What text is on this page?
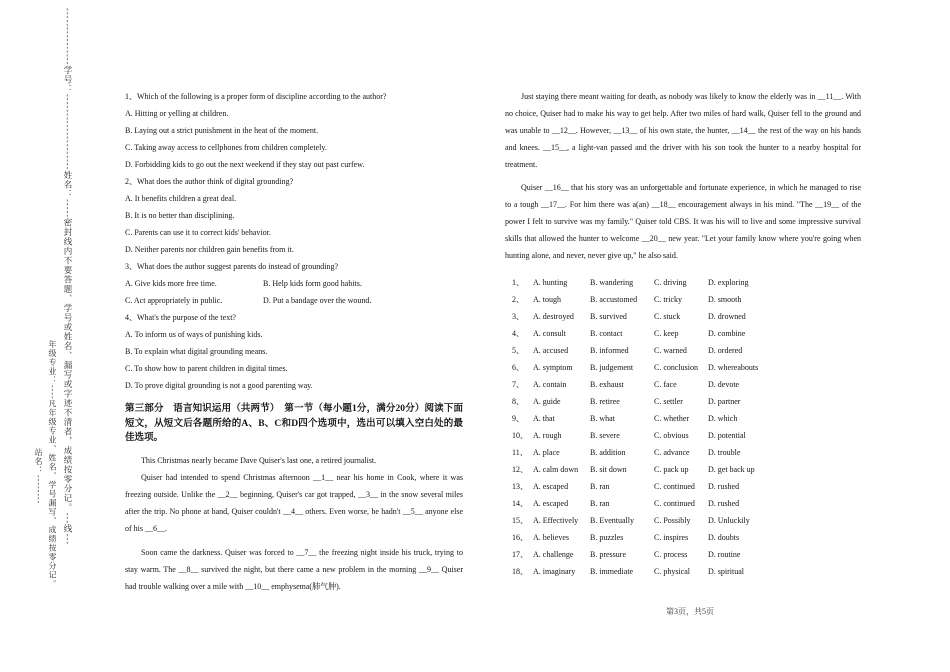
---------------学号：--------------------姓名：-----密封线内不要答题、学号或姓名、漏写或字迹不清者，成绩按零分记。---线---
年级专业：----凡年级专业、姓名、学号漏写、成绩按零分记。
站名：--------
1、Which of the following is a proper form of discipline according to the author?
A. Hitting or yelling at children.
B. Laying out a strict punishment in the heat of the moment.
C. Taking away access to cellphones from children completely.
D. Forbidding kids to go out the next weekend if they stay out past curfew.
2、What does the author think of digital grounding?
A. It benefits children a great deal.
B. It is no better than disciplining.
C. Parents can use it to correct kids' behavior.
D. Neither parents nor children gain benefits from it.
3、What does the author suggest parents do instead of grounding?
A. Give kids more free time.	B. Help kids form good habits.
C. Act appropriately in public.	D. Put a bandage over the wound.
4、What's the purpose of the text?
A. To inform us of ways of punishing kids.
B. To explain what digital grounding means.
C. To show how to parent children in digital times.
D. To prove digital grounding is not a good parenting way.
第三部分　语言知识运用（共两节）　第一节（每小题1分，满分20分）阅读下面短文，从短文后各题所给的A、B、C和D四个选项中，选出可以填入空白处的最佳选项。

This Christmas nearly became Dave Quiser's last one, a retired journalist.

Quiser had intended to spend Christmas afternoon __1__ near his home in Cook, where it was freezing outside. Unlike the __2__ beginning, Quiser's car got trapped, __3__ in the snow several miles after the trip. No phone at hand, Quiser couldn't __4__ others. Even worse, he hadn't __5__ anyone else of his __6__.

Soon came the darkness. Quiser was forced to __7__ the freezing night inside his truck, trying to stay warm. The __8__ survived the night, but there came a new problem in the morning __9__ Quiser had trouble walking over a mile with __10__ emphysema(肺气肿).

Just staying there meant waiting for death, as nobody was likely to know the elderly was in __11__. With no choice, Quiser had to make his way to get help. After two miles of hard walk, Quiser fell to the ground and was unable to __12__. However, __13__ of his own state, the hunter, __14__ the rest of the way on his hands and knees. __15__, a light-van passed and the driver with his son took the hunter to a nearby hospital for treatment.

Quiser __16__ that his story was an unforgettable and fortunate experience, in which he managed to rise to a tough __17__. For him there was a(an) __18__ encouragement always in his mind. "The __19__ of the power I felt to survive was my family." Quiser told CBS. It was his will to live and some impressive survival skills that allowed the hunter to welcome __20__ new year. "Let your family know where you're going when hunting alone, and never, never give up," he also said.

1、 A. hunting	B. wandering	C. driving	D. exploring
2、 A. tough	B. accustomed C. tricky	D. smooth
3、 A. destroyed B. survived	C. stuck	D. drowned
4、 A. consult	B. contact	C. keep	D. combine
5、 A. accused	B. informed	C. warned	D. ordered
6、 A. symptom B. judgement	C. conclusion D. whereabouts
7、 A. contain	B. exhaust	C. face	D. devote
8、 A. guide	B. retiree	C. settler	D. partner
9、 A. that	B. what	C. whether D. which
10、 A. rough	B. severe	C. obvious D. potential
11、 A. place	B. addition	C. advance D. trouble
12、 A. calm down B. sit down	C. pack up D. get back up
13、 A. escaped	B. ran	C. continued D. rushed
14、 A. escaped	B. ran	C. continued D. rushed
15、 A. Effectively B. Eventually	C. Possibly D. Unluckily
16、 A. believes	B. puzzles	C. inspires D. doubts
17、 A. challenge B. pressure	C. process	D. routine
18、 A. imaginary B. immediate	C. physical D. spiritual
第3页，共5页
